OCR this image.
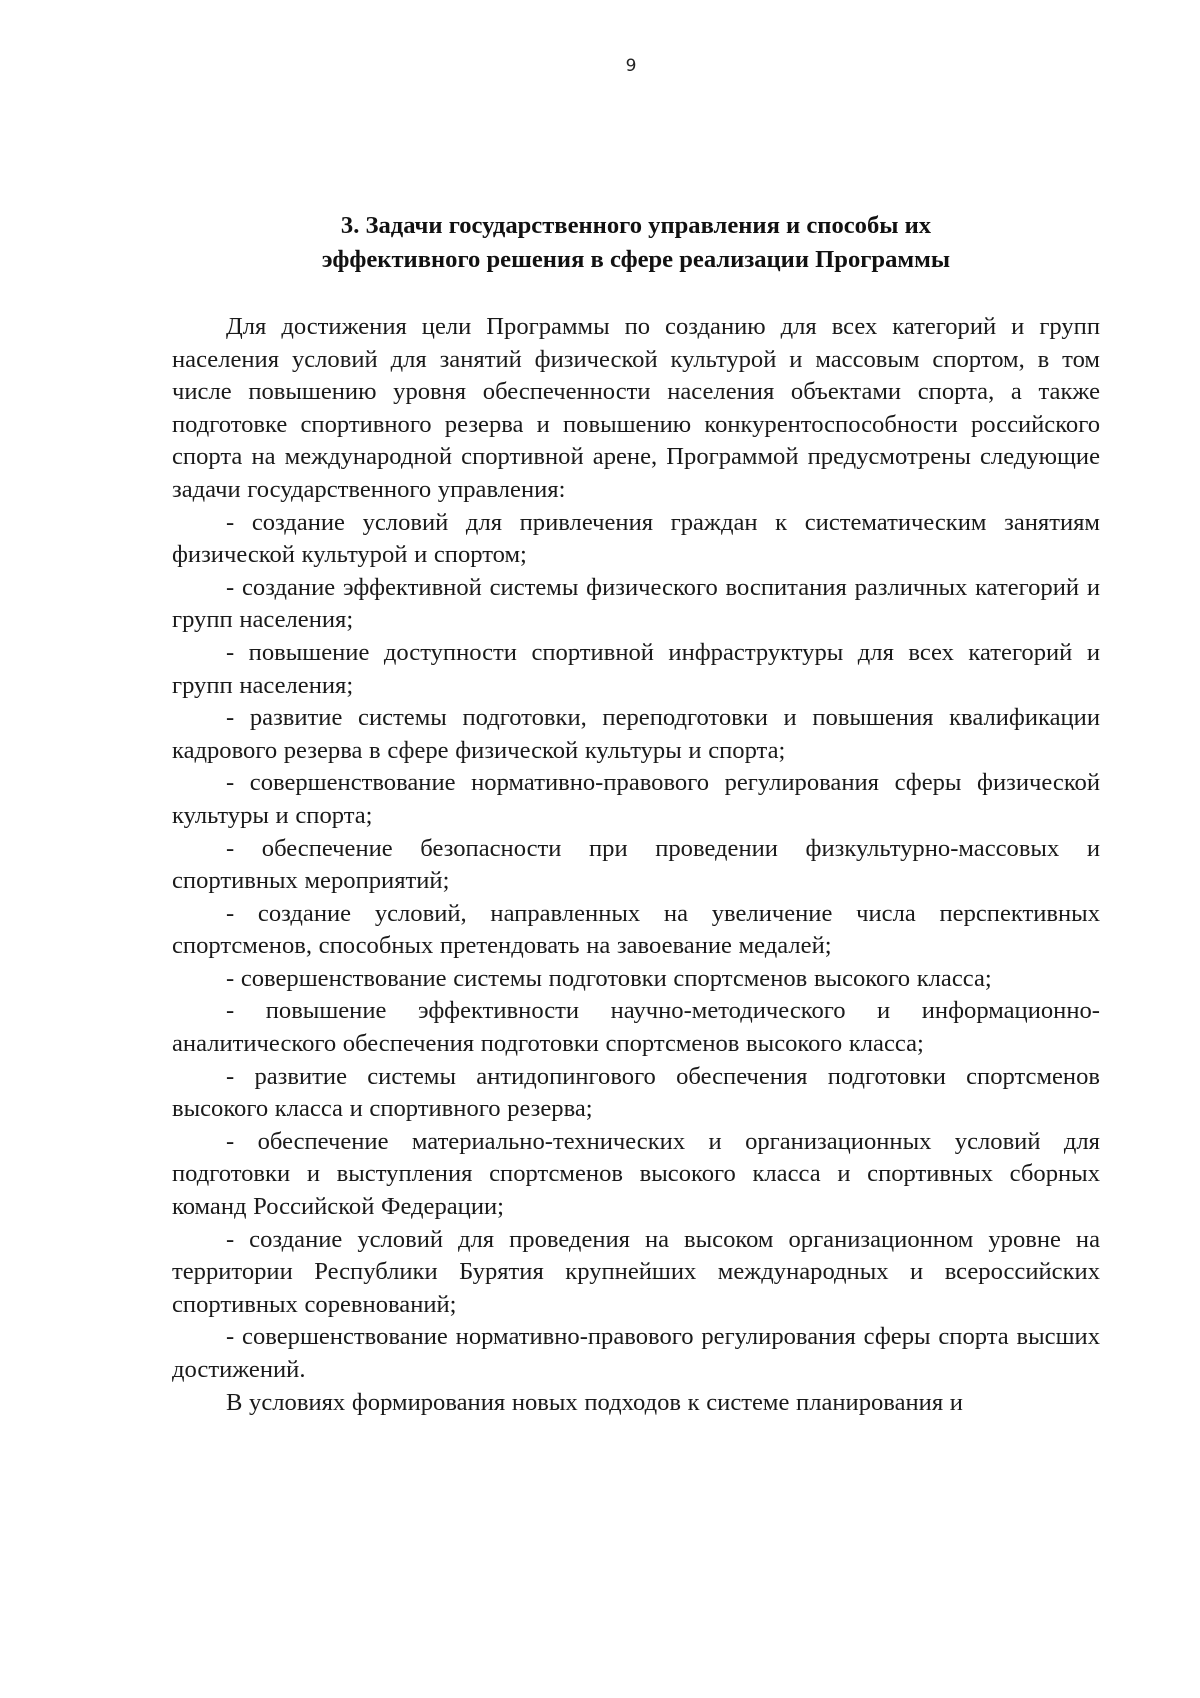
9
3. Задачи государственного управления и способы их
эффективного решения в сфере реализации Программы

Для достижения цели Программы по созданию для всех категорий и групп населения условий для занятий физической культурой и массовым спортом, в том числе повышению уровня обеспеченности населения объектами спорта, а также подготовке спортивного резерва и повышению конкурентоспособности российского спорта на международной спортивной арене, Программой предусмотрены следующие задачи государственного управления:

- создание условий для привлечения граждан к систематическим занятиям физической культурой и спортом;

- создание эффективной системы физического воспитания различных категорий и групп населения;

- повышение доступности спортивной инфраструктуры для всех категорий и групп населения;

- развитие системы подготовки, переподготовки и повышения квалификации кадрового резерва в сфере физической культуры и спорта;

- совершенствование нормативно-правового регулирования сферы физической культуры и спорта;

- обеспечение безопасности при проведении физкультурно-массовых и спортивных мероприятий;

- создание условий, направленных на увеличение числа перспективных спортсменов, способных претендовать на завоевание медалей;

- совершенствование системы подготовки спортсменов высокого класса;

- повышение эффективности научно-методического и информационно-аналитического обеспечения подготовки спортсменов высокого класса;

- развитие системы антидопингового обеспечения подготовки спортсменов высокого класса и спортивного резерва;

- обеспечение материально-технических и организационных условий для подготовки и выступления спортсменов высокого класса и спортивных сборных команд Российской Федерации;

- создание условий для проведения на высоком организационном уровне на территории Республики Бурятия крупнейших международных и всероссийских спортивных соревнований;

- совершенствование нормативно-правового регулирования сферы спорта высших достижений.

В условиях формирования новых подходов к системе планирования и
